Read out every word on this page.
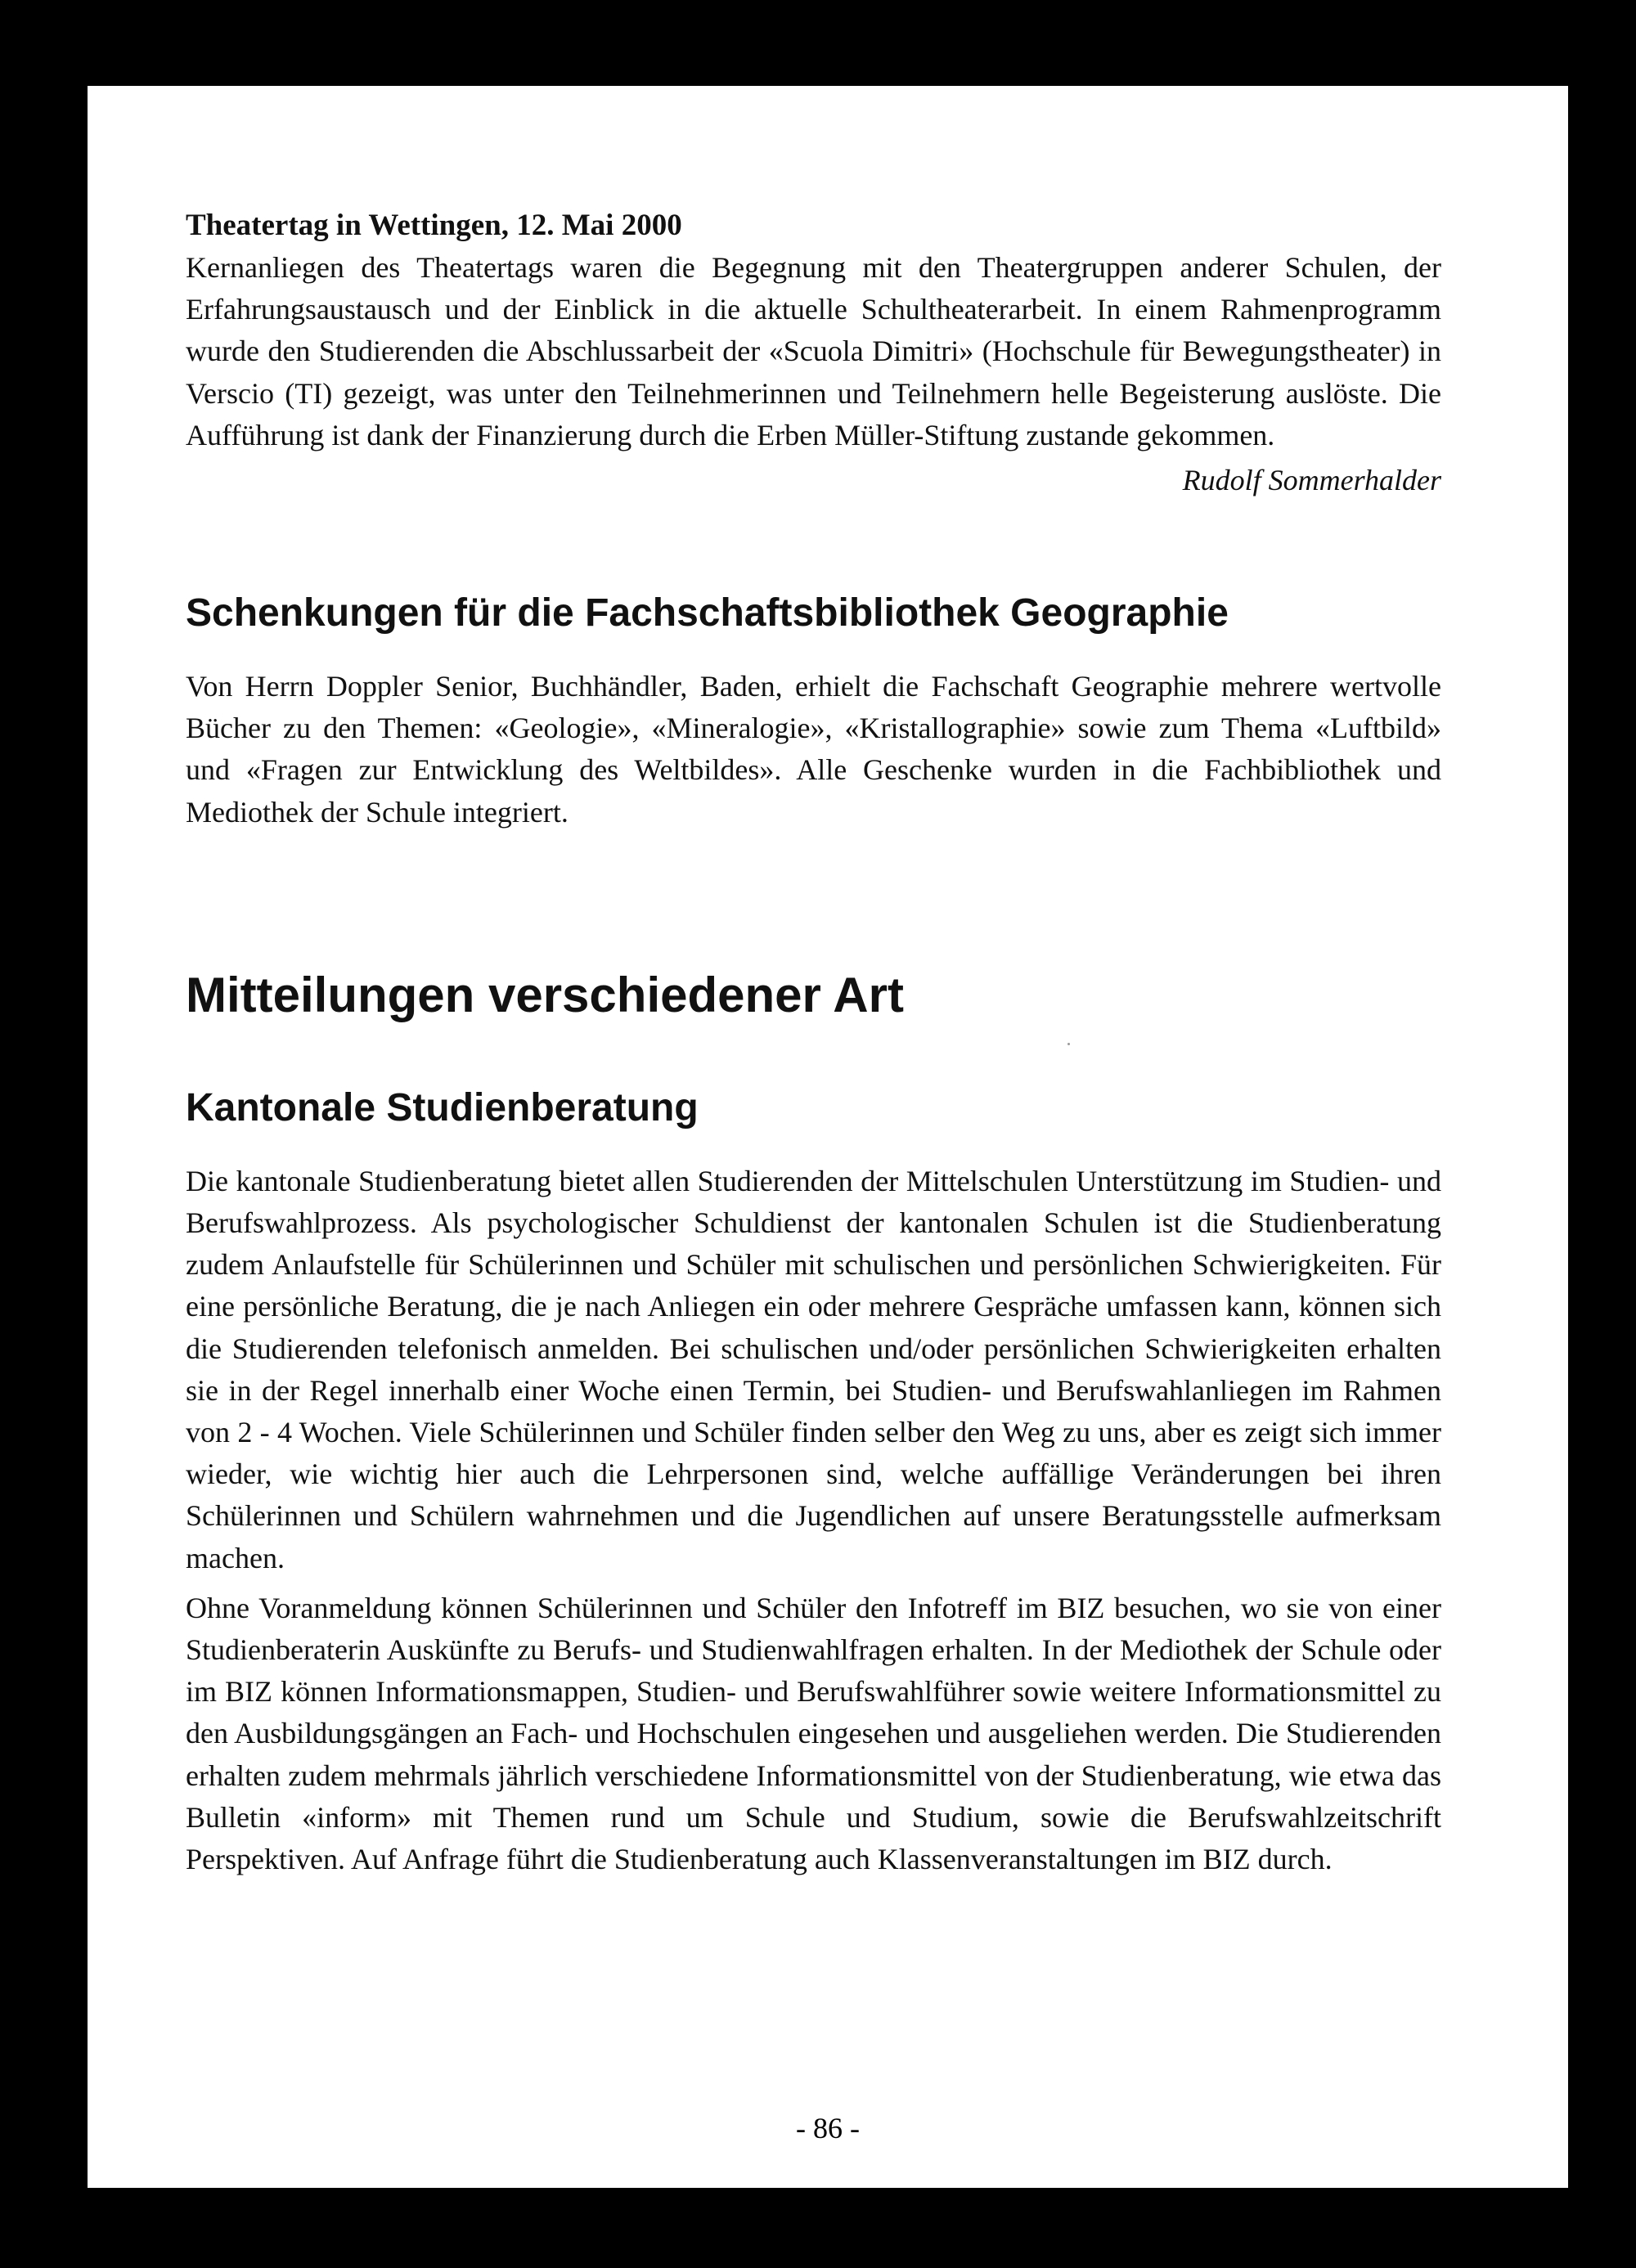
Theatertag in Wettingen, 12. Mai 2000

Kernanliegen des Theatertags waren die Begegnung mit den Theatergruppen anderer Schulen, der Erfahrungsaustausch und der Einblick in die aktuelle Schultheaterarbeit. In einem Rahmenprogramm wurde den Studierenden die Abschlussarbeit der «Scuola Dimitri» (Hochschule für Bewegungstheater) in Verscio (TI) gezeigt, was unter den Teilnehmerinnen und Teilnehmern helle Begeisterung auslöste. Die Aufführung ist dank der Finanzierung durch die Erben Müller-Stiftung zustande gekommen.

Rudolf Sommerhalder

Schenkungen für die Fachschaftsbibliothek Geographie

Von Herrn Doppler Senior, Buchhändler, Baden, erhielt die Fachschaft Geographie mehrere wertvolle Bücher zu den Themen: «Geologie», «Mineralogie», «Kristallographie» sowie zum Thema «Luftbild» und «Fragen zur Entwicklung des Weltbildes». Alle Geschenke wurden in die Fachbibliothek und Mediothek der Schule integriert.

Mitteilungen verschiedener Art
Kantonale Studienberatung

Die kantonale Studienberatung bietet allen Studierenden der Mittelschulen Unterstützung im Studien- und Berufswahlprozess. Als psychologischer Schuldienst der kantonalen Schulen ist die Studienberatung zudem Anlaufstelle für Schülerinnen und Schüler mit schulischen und persönlichen Schwierigkeiten. Für eine persönliche Beratung, die je nach Anliegen ein oder mehrere Gespräche umfassen kann, können sich die Studierenden telefonisch anmelden. Bei schulischen und/oder persönlichen Schwierigkeiten erhalten sie in der Regel innerhalb einer Woche einen Termin, bei Studien- und Berufswahlanliegen im Rahmen von 2 - 4 Wochen. Viele Schülerinnen und Schüler finden selber den Weg zu uns, aber es zeigt sich immer wieder, wie wichtig hier auch die Lehrpersonen sind, welche auffällige Veränderungen bei ihren Schülerinnen und Schülern wahrnehmen und die Jugendlichen auf unsere Beratungsstelle aufmerksam machen.

Ohne Voranmeldung können Schülerinnen und Schüler den Infotreff im BIZ besuchen, wo sie von einer Studienberaterin Auskünfte zu Berufs- und Studienwahlfragen erhalten. In der Mediothek der Schule oder im BIZ können Informationsmappen, Studien- und Berufswahlführer sowie weitere Informationsmittel zu den Ausbildungsgängen an Fach- und Hochschulen eingesehen und ausgeliehen werden. Die Studierenden erhalten zudem mehrmals jährlich verschiedene Informationsmittel von der Studienberatung, wie etwa das Bulletin «inform» mit Themen rund um Schule und Studium, sowie die Berufswahlzeitschrift Perspektiven. Auf Anfrage führt die Studienberatung auch Klassenveranstaltungen im BIZ durch.

- 86 -
